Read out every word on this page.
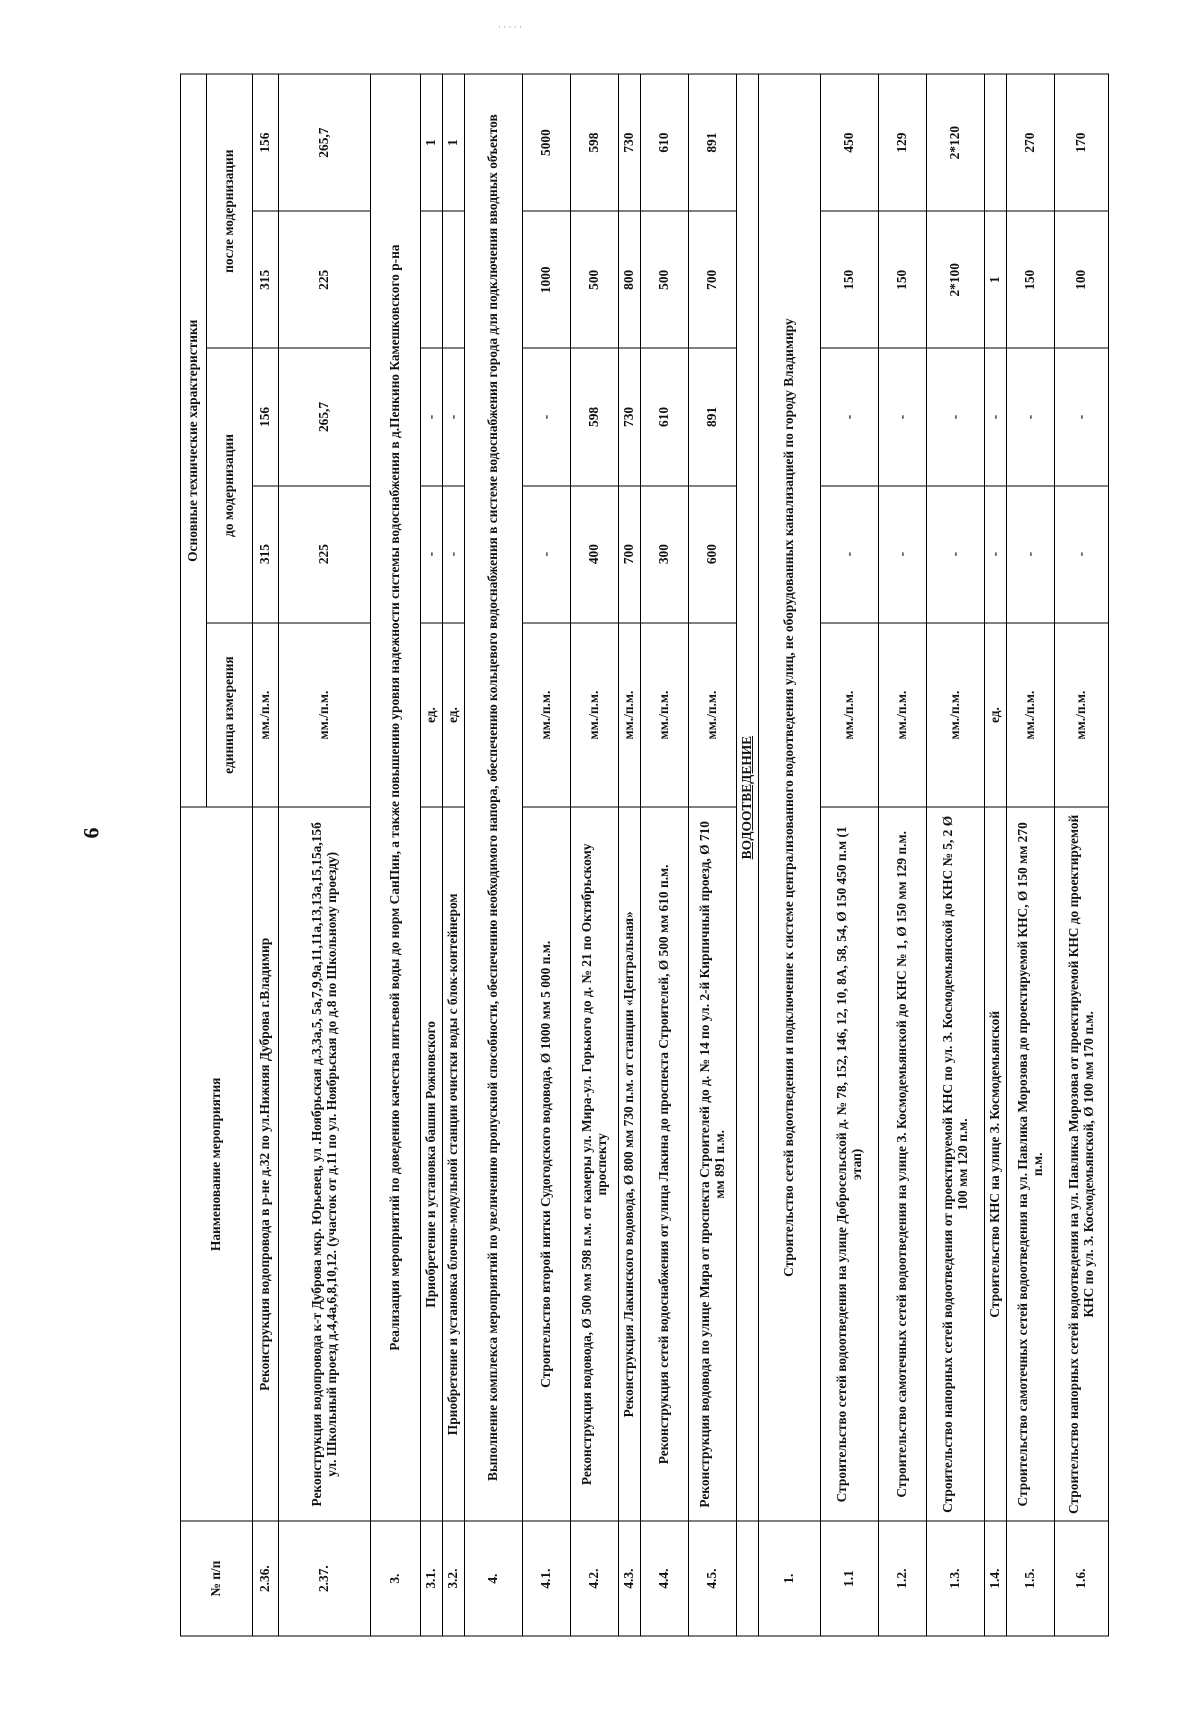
6
· · · · ·
№ п/п	Наименование мероприятия	Основные технические характеристики				
		единица измерения	до модернизации		после модернизации	
2.36.	Реконструкция водопровода в р-не д.32 по ул.Нижняя Дуброва г.Владимир	мм./п.м.	315	156	315	156
2.37.	Реконструкция водопровода к-т Дуброва мкр. Юрьевец, ул .Ноябрьская д.3,3а,5, 5а,7,9,9а,11,11а,13,13а,15,15а,15б ул. Школьный проезд д.4,4а,6,8,10,12. (участок от д.11 по ул. Ноябрьская до д.8 по Школьному проезду)	мм./п.м.	225	265,7	225	265,7
3.	Реализация мероприятий по доведению качества питьевой воды до норм СанПин, а также повышению уровня надежности системы водоснабжения в д.Пенкино Камешковского р-на					
3.1.	Приобретение и установка башни Рожновского	ед.	-	-		1
3.2.	Приобретение и установка блочно-модульной станции очистки воды с блок-контейнером	ед.	-	-		1
4.	Выполнение комплекса мероприятий по увеличению пропускной способности, обеспечению необходимого напора, обеспечению кольцевого водоснабжения в системе водоснабжения города для подключения вводных объектов					
4.1.	Строительство второй нитки Судогодского водовода, Ø 1000 мм 5 000 п.м.	мм./п.м.	-	-	1000	5000
4.2.	Реконструкция водовода, Ø 500 мм 598 п.м. от камеры ул. Мира-ул. Горького до д. № 21 по Октябрьскому проспекту	мм./п.м.	400	598	500	598
4.3.	Реконструкция Лакинского водовода, Ø 800 мм 730 п.м. от станции «Центральная»	мм./п.м.	700	730	800	730
4.4.	Реконструкция сетей водоснабжения от улица Лакина до проспекта Строителей, Ø 500 мм 610 п.м.	мм./п.м.	300	610	500	610
4.5.	Реконструкция водовода по улице Мира от проспекта Строителей до д. № 14 по ул. 2-й Кирпичный проезд, Ø 710 мм 891 п.м.	мм./п.м.	600	891	700	891
	ВОДООТВЕДЕНИЕ					
1.	Строительство сетей водоотведения и подключение к системе централизованного водоотведения улиц, не оборудованных канализацией по городу Владимиру					
1.1	Строительство сетей водоотведения на улице Добросельской д. № 78, 152, 146, 12, 10, 8А, 58, 54, Ø 150 450 п.м (1 этап)	мм./п.м.	-	-	150	450
1.2.	Строительство самотечных сетей водоотведения на улице З. Космодемьянской до КНС № 1, Ø 150 мм 129 п.м.	мм./п.м.	-	-	150	129
1.3.	Строительство напорных сетей водоотведения от проектируемой КНС по ул. З. Космодемьянской до КНС № 5, 2 Ø 100 мм 120 п.м.	мм./п.м.	-	-	2*100	2*120
1.4.	Строительство КНС на улице З. Космодемьянской	ед.	-	-	1	
1.5.	Строительство самотечных сетей водоотведения на ул. Павлика Морозова до проектируемой КНС, Ø 150 мм 270 п.м.	мм./п.м.	-	-	150	270
1.6.	Строительство напорных сетей водоотведения на ул. Павлика Морозова от проектируемой КНС до проектируемой КНС по ул. З. Космодемьянской, Ø 100 мм 170 п.м.	мм./п.м.	-	-	100	170
